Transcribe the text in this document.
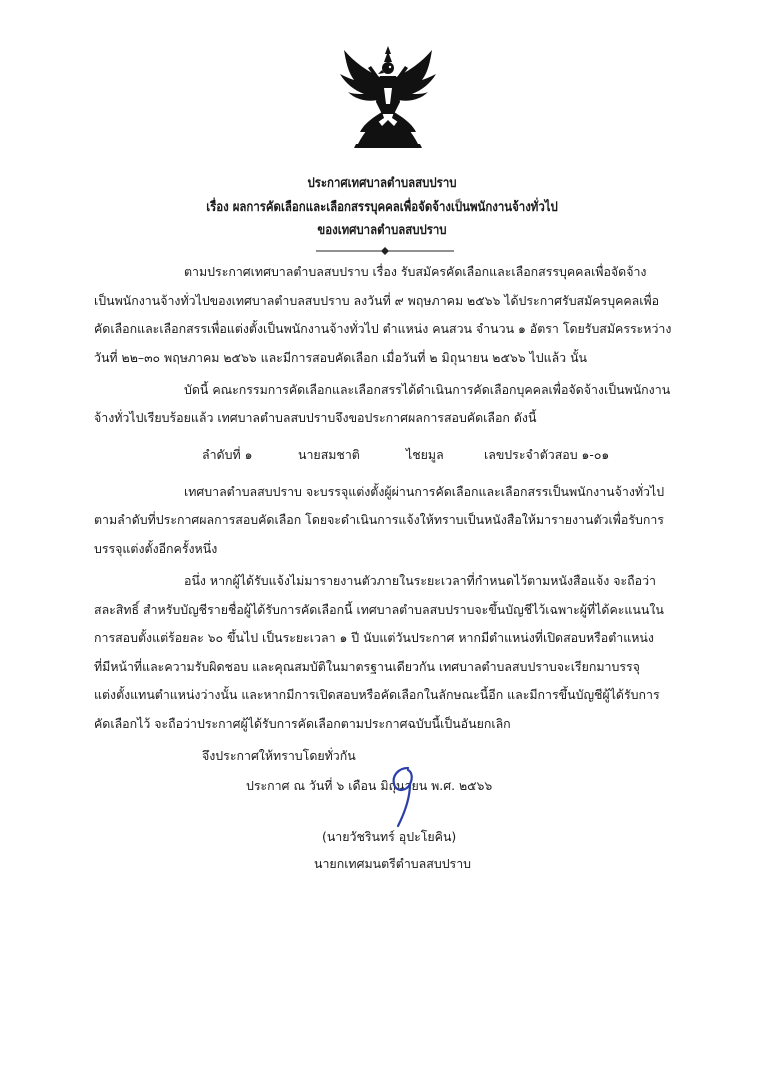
ประกาศเทศบาลตำบลสบปราบ
เรื่อง ผลการคัดเลือกและเลือกสรรบุคคลเพื่อจัดจ้างเป็นพนักงานจ้างทั่วไป
ของเทศบาลตำบลสบปราบ
ตามประกาศเทศบาลตำบลสบปราบ เรื่อง รับสมัครคัดเลือกและเลือกสรรบุคคลเพื่อจัดจ้าง
เป็นพนักงานจ้างทั่วไปของเทศบาลตำบลสบปราบ ลงวันที่ ๙ พฤษภาคม ๒๕๖๖ ได้ประกาศรับสมัครบุคคลเพื่อ
คัดเลือกและเลือกสรรเพื่อแต่งตั้งเป็นพนักงานจ้างทั่วไป ตำแหน่ง คนสวน จำนวน ๑ อัตรา โดยรับสมัครระหว่าง
วันที่ ๒๒–๓๐ พฤษภาคม ๒๕๖๖ และมีการสอบคัดเลือก เมื่อวันที่ ๒ มิถุนายน ๒๕๖๖ ไปแล้ว นั้น
บัดนี้ คณะกรรมการคัดเลือกและเลือกสรรได้ดำเนินการคัดเลือกบุคคลเพื่อจัดจ้างเป็นพนักงาน
จ้างทั่วไปเรียบร้อยแล้ว เทศบาลตำบลสบปราบจึงขอประกาศผลการสอบคัดเลือก ดังนี้
ลำดับที่ ๑	นายสมชาติ	ไชยมูล	เลขประจำตัวสอบ ๑-๐๑
เทศบาลตำบลสบปราบ จะบรรจุแต่งตั้งผู้ผ่านการคัดเลือกและเลือกสรรเป็นพนักงานจ้างทั่วไป
ตามลำดับที่ประกาศผลการสอบคัดเลือก โดยจะดำเนินการแจ้งให้ทราบเป็นหนังสือให้มารายงานตัวเพื่อรับการ
บรรจุแต่งตั้งอีกครั้งหนึ่ง
อนึ่ง หากผู้ได้รับแจ้งไม่มารายงานตัวภายในระยะเวลาที่กำหนดไว้ตามหนังสือแจ้ง จะถือว่า
สละสิทธิ์ สำหรับบัญชีรายชื่อผู้ได้รับการคัดเลือกนี้ เทศบาลตำบลสบปราบจะขึ้นบัญชีไว้เฉพาะผู้ที่ได้คะแนนใน
การสอบตั้งแต่ร้อยละ ๖๐ ขึ้นไป เป็นระยะเวลา ๑ ปี นับแต่วันประกาศ หากมีตำแหน่งที่เปิดสอบหรือตำแหน่ง
ที่มีหน้าที่และความรับผิดชอบ และคุณสมบัติในมาตรฐานเดียวกัน เทศบาลตำบลสบปราบจะเรียกมาบรรจุ
แต่งตั้งแทนตำแหน่งว่างนั้น และหากมีการเปิดสอบหรือคัดเลือกในลักษณะนี้อีก และมีการขึ้นบัญชีผู้ได้รับการ
คัดเลือกไว้ จะถือว่าประกาศผู้ได้รับการคัดเลือกตามประกาศฉบับนี้เป็นอันยกเลิก
จึงประกาศให้ทราบโดยทั่วกัน
ประกาศ ณ วันที่ ๖ เดือน มิถุนายน พ.ศ. ๒๕๖๖
(นายวัชรินทร์ อุปะโยคิน)
นายกเทศมนตรีตำบลสบปราบ
